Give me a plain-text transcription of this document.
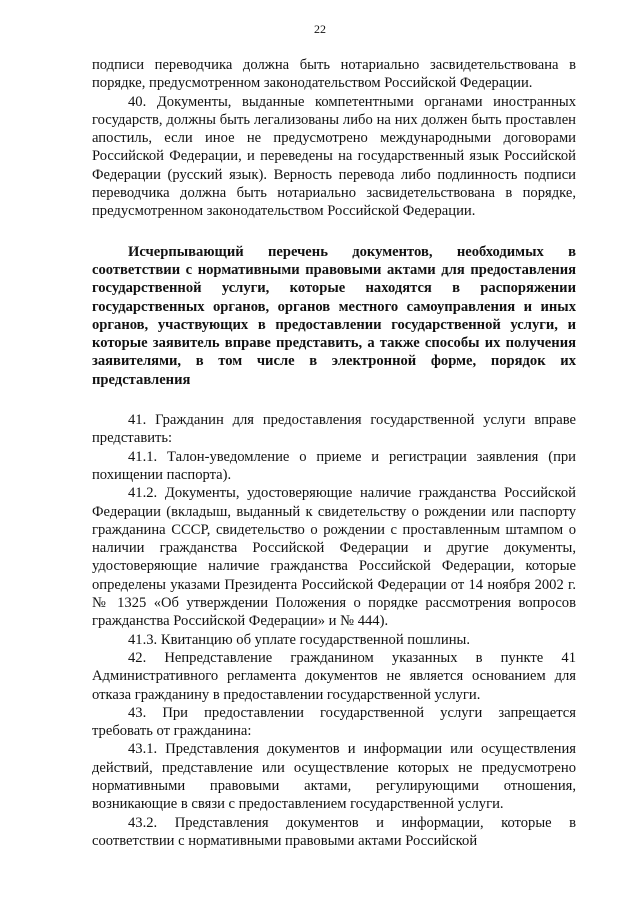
22

подписи переводчика должна быть нотариально засвидетельствована в порядке, предусмотренном законодательством Российской Федерации.

40. Документы, выданные компетентными органами иностранных государств, должны быть легализованы либо на них должен быть проставлен апостиль, если иное не предусмотрено международными договорами Российской Федерации, и переведены на государственный язык Российской Федерации (русский язык). Верность перевода либо подлинность подписи переводчика должна быть нотариально засвидетельствована в порядке, предусмотренном законодательством Российской Федерации.

Исчерпывающий перечень документов, необходимых в соответствии с нормативными правовыми актами для предоставления государственной услуги, которые находятся в распоряжении государственных органов, органов местного самоуправления и иных органов, участвующих в предоставлении государственной услуги, и которые заявитель вправе представить, а также способы их получения заявителями, в том числе в электронной форме, порядок их представления

41. Гражданин для предоставления государственной услуги вправе представить:

41.1. Талон-уведомление о приеме и регистрации заявления (при похищении паспорта).

41.2. Документы, удостоверяющие наличие гражданства Российской Федерации (вкладыш, выданный к свидетельству о рождении или паспорту гражданина СССР, свидетельство о рождении с проставленным штампом о наличии гражданства Российской Федерации и другие документы, удостоверяющие наличие гражданства Российской Федерации, которые определены указами Президента Российской Федерации от 14 ноября 2002 г. № 1325 «Об утверждении Положения о порядке рассмотрения вопросов гражданства Российской Федерации» и № 444).

41.3. Квитанцию об уплате государственной пошлины.

42. Непредставление гражданином указанных в пункте 41 Административного регламента документов не является основанием для отказа гражданину в предоставлении государственной услуги.

43. При предоставлении государственной услуги запрещается требовать от гражданина:

43.1. Представления документов и информации или осуществления действий, представление или осуществление которых не предусмотрено нормативными правовыми актами, регулирующими отношения, возникающие в связи с предоставлением государственной услуги.

43.2. Представления документов и информации, которые в соответствии с нормативными правовыми актами Российской
